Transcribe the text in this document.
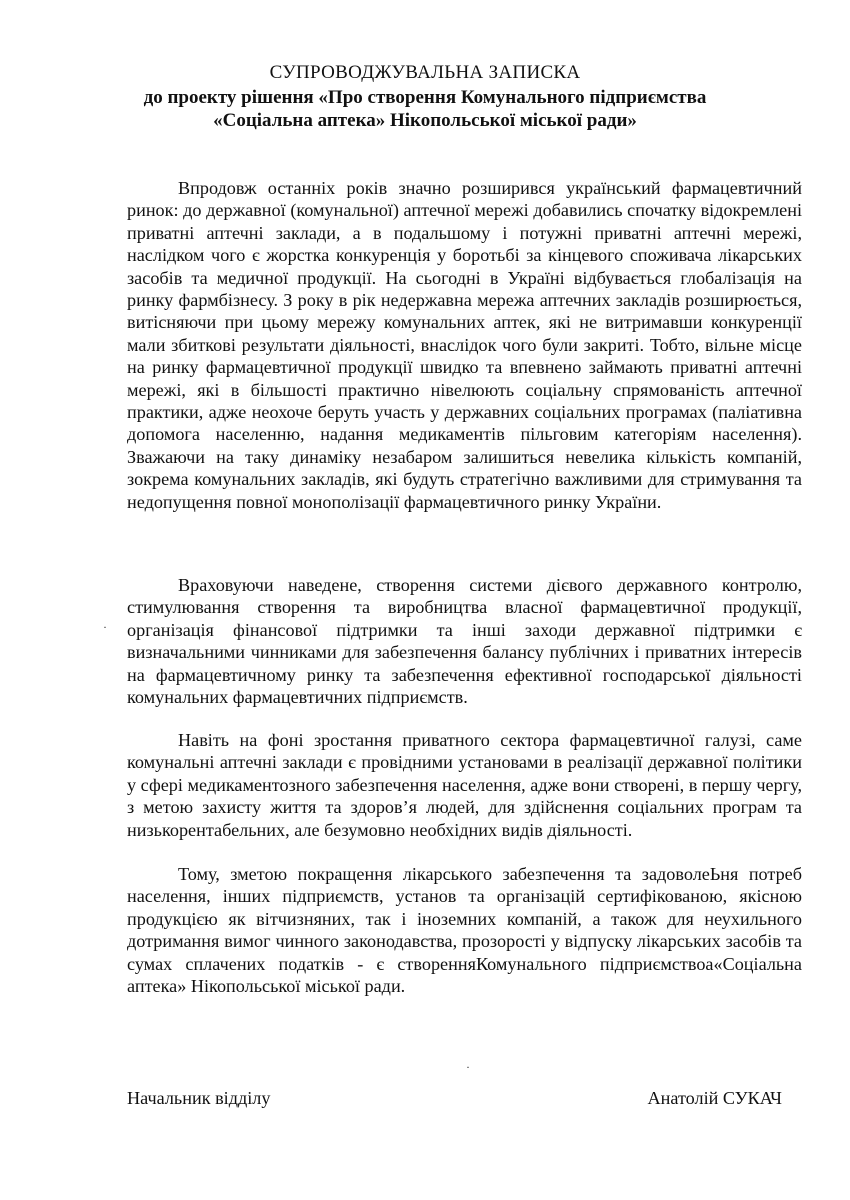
СУПРОВОДЖУВАЛЬНА ЗАПИСКА

до проекту рішення «Про створення Комунального підприємства

«Соціальна аптека» Нікопольської міської ради»

Впродовж останніх років значно розширився український фармацевтичний ринок: до державної (комунальної) аптечної мережі добавились спочатку відокремлені приватні аптечні заклади, а в подальшому і потужні приватні аптечні мережі, наслідком чого є жорстка конкуренція у боротьбі за кінцевого споживача лікарських засобів та медичної продукції. На сьогодні в Україні відбувається глобалізація на ринку фармбізнесу. З року в рік недержавна мережа аптечних закладів розширюється, витісняючи при цьому мережу комунальних аптек, які не витримавши конкуренції мали збиткові результати діяльності, внаслідок чого були закриті. Тобто, вільне місце на ринку фармацевтичної продукції швидко та впевнено займають приватні аптечні мережі, які в більшості практично нівелюють соціальну спрямованість аптечної практики, адже неохоче беруть участь у державних соціальних програмах (паліативна допомога населенню, надання медикаментів пільговим категоріям населення). Зважаючи на таку динаміку незабаром залишиться невелика кількість компаній, зокрема комунальних закладів, які будуть стратегічно важливими для стримування та недопущення повної монополізації фармацевтичного ринку України.

Враховуючи наведене, створення системи дієвого державного контролю, стимулювання створення та виробництва власної фармацевтичної продукції, організація фінансової підтримки та інші заходи державної підтримки є визначальними чинниками для забезпечення балансу публічних і приватних інтересів на фармацевтичному ринку та забезпечення ефективної господарської діяльності комунальних фармацевтичних підприємств.

Навіть на фоні зростання приватного сектора фармацевтичної галузі, саме комунальні аптечні заклади є провідними установами в реалізації державної політики у сфері медикаментозного забезпечення населення, адже вони створені, в першу чергу, з метою захисту життя та здоров’я людей, для здійснення соціальних програм та низькорентабельних, але безумовно необхідних видів діяльності.

Тому, зметою покращення лікарського забезпечення та задоволеЬня потреб населення, інших підприємств, установ та організацій сертифікованою, якісною продукцією як вітчизняних, так і іноземних компаній, а також для неухильного дотримання вимог чинного законодавства, прозорості у відпуску лікарських засобів та сумах сплачених податків - є створенняКомунального підприємствоа«Соціальна аптека» Нікопольської міської ради.

·
·
Начальник відділу	Анатолій СУКАЧ
